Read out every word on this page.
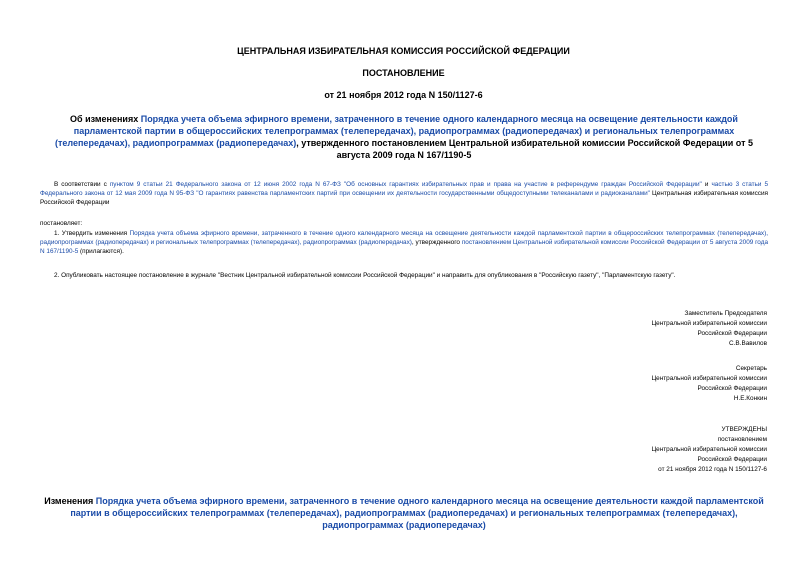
ЦЕНТРАЛЬНАЯ ИЗБИРАТЕЛЬНАЯ КОМИССИЯ РОССИЙСКОЙ ФЕДЕРАЦИИ
ПОСТАНОВЛЕНИЕ
от 21 ноября 2012 года N 150/1127-6
Об изменениях Порядка учета объема эфирного времени, затраченного в течение одного календарного месяца на освещение деятельности каждой парламентской партии в общероссийских телепрограммах (телепередачах), радиопрограммах (радиопередачах) и региональных телепрограммах (телепередачах), радиопрограммах (радиопередачах), утвержденного постановлением Центральной избирательной комиссии Российской Федерации от 5 августа 2009 года N 167/1190-5
В соответствии с пунктом 9 статьи 21 Федерального закона от 12 июня 2002 года N 67-ФЗ "Об основных гарантиях избирательных прав и права на участие в референдуме граждан Российской Федерации" и частью 3 статьи 5 Федерального закона от 12 мая 2009 года N 95-ФЗ "О гарантиях равенства парламентских партий при освещении их деятельности государственными общедоступными телеканалами и радиоканалами" Центральная избирательная комиссия Российской Федерации
постановляет:
1. Утвердить изменения Порядка учета объема эфирного времени, затраченного в течение одного календарного месяца на освещение деятельности каждой парламентской партии в общероссийских телепрограммах (телепередачах), радиопрограммах (радиопередачах) и региональных телепрограммах (телепередачах), радиопрограммах (радиопередачах), утвержденного постановлением Центральной избирательной комиссии Российской Федерации от 5 августа 2009 года N 167/1190-5 (прилагаются).
2. Опубликовать настоящее постановление в журнале "Вестник Центральной избирательной комиссии Российской Федерации" и направить для опубликования в "Российскую газету", "Парламентскую газету".
Заместитель Председателя
Центральной избирательной комиссии
Российской Федерации
С.В.Вавилов
Секретарь
Центральной избирательной комиссии
Российской Федерации
Н.Е.Конкин
УТВЕРЖДЕНЫ
постановлением
Центральной избирательной комиссии
Российской Федерации
от 21 ноября 2012 года N 150/1127-6
Изменения Порядка учета объема эфирного времени, затраченного в течение одного календарного месяца на освещение деятельности каждой парламентской партии в общероссийских телепрограммах (телепередачах), радиопрограммах (радиопередачах) и региональных телепрограммах (телепередачах), радиопрограммах (радиопередачах)
